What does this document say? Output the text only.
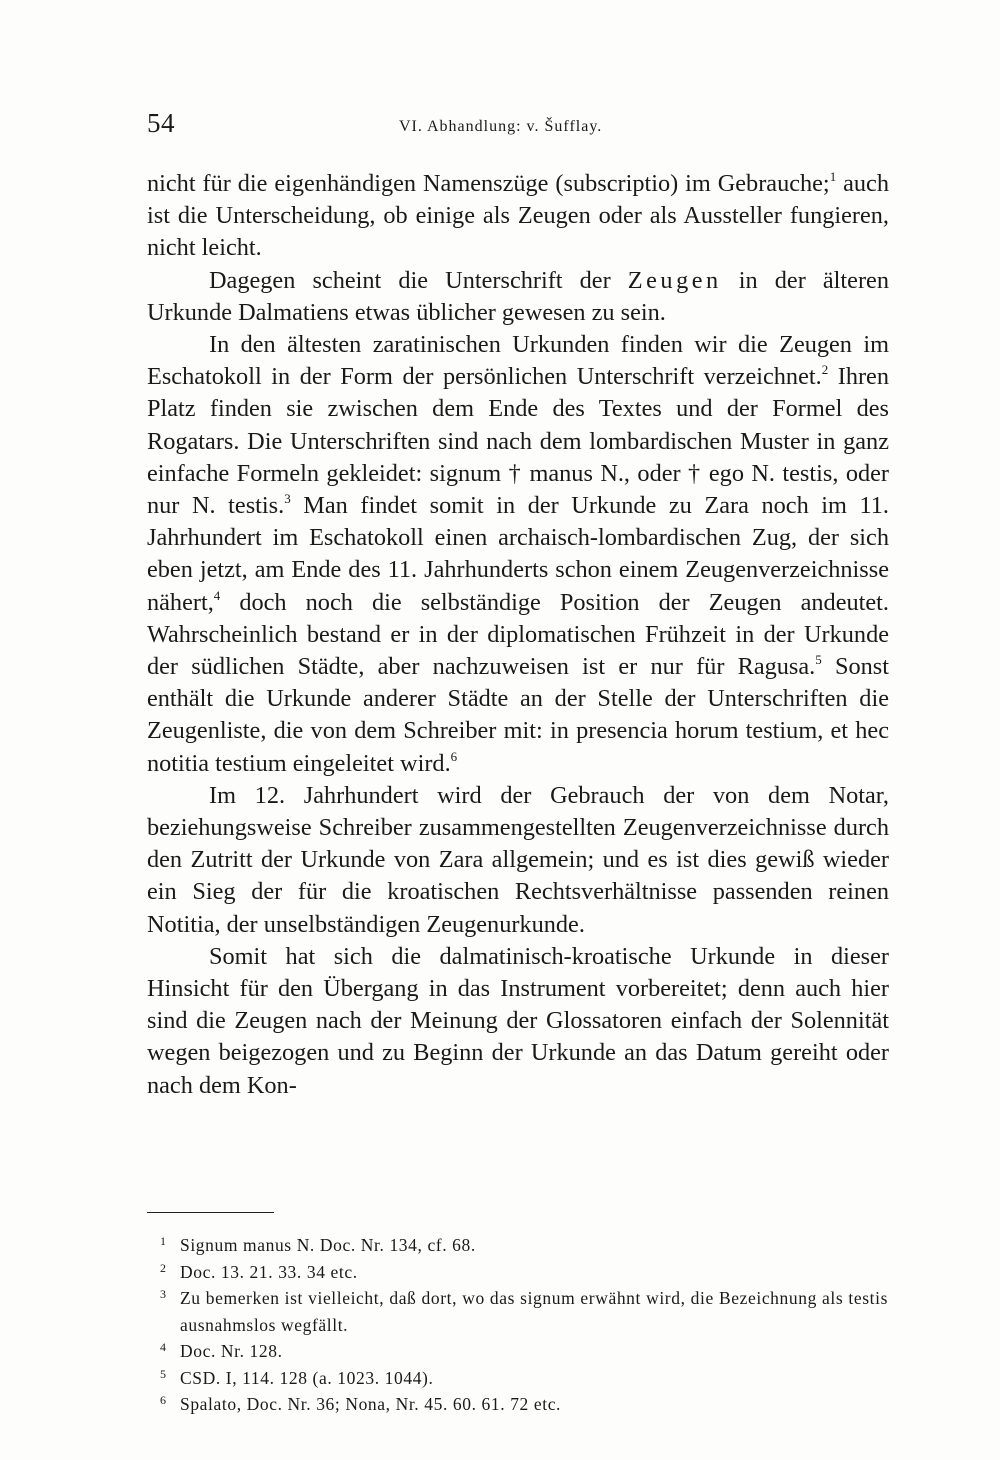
54	VI. Abhandlung: v. Šufflay.

nicht für die eigenhändigen Namenszüge (subscriptio) im Gebrauche;$^1$ auch ist die Unterscheidung, ob einige als Zeugen oder als Aussteller fungieren, nicht leicht.

Dagegen scheint die Unterschrift der Zeugen in der älteren Urkunde Dalmatiens etwas üblicher gewesen zu sein.

In den ältesten zaratinischen Urkunden finden wir die Zeugen im Eschatokoll in der Form der persönlichen Unterschrift verzeichnet.$^2$ Ihren Platz finden sie zwischen dem Ende des Textes und der Formel des Rogatars. Die Unterschriften sind nach dem lombardischen Muster in ganz einfache Formeln gekleidet: signum † manus N., oder † ego N. testis, oder nur N. testis.$^3$ Man findet somit in der Urkunde zu Zara noch im 11. Jahrhundert im Eschatokoll einen archaisch-lombardischen Zug, der sich eben jetzt, am Ende des 11. Jahrhunderts schon einem Zeugenverzeichnisse nähert,$^4$ doch noch die selbständige Position der Zeugen andeutet. Wahrscheinlich bestand er in der diplomatischen Frühzeit in der Urkunde der südlichen Städte, aber nachzuweisen ist er nur für Ragusa.$^5$ Sonst enthält die Urkunde anderer Städte an der Stelle der Unterschriften die Zeugenliste, die von dem Schreiber mit: in presencia horum testium, et hec notitia testium eingeleitet wird.$^6$

Im 12. Jahrhundert wird der Gebrauch der von dem Notar, beziehungsweise Schreiber zusammengestellten Zeugenverzeichnisse durch den Zutritt der Urkunde von Zara allgemein; und es ist dies gewiß wieder ein Sieg der für die kroatischen Rechtsverhältnisse passenden reinen Notitia, der unselbständigen Zeugenurkunde.

Somit hat sich die dalmatinisch-kroatische Urkunde in dieser Hinsicht für den Übergang in das Instrument vorbereitet; denn auch hier sind die Zeugen nach der Meinung der Glossatoren einfach der Solennität wegen beigezogen und zu Beginn der Urkunde an das Datum gereiht oder nach dem Kon-

1 Signum manus N. Doc. Nr. 134, cf. 68.

2 Doc. 13. 21. 33. 34 etc.

3 Zu bemerken ist vielleicht, daß dort, wo das signum erwähnt wird, die Bezeichnung als testis ausnahmslos wegfällt.

4 Doc. Nr. 128.

5 CSD. I, 114. 128 (a. 1023. 1044).

6 Spalato, Doc. Nr. 36; Nona, Nr. 45. 60. 61. 72 etc.
